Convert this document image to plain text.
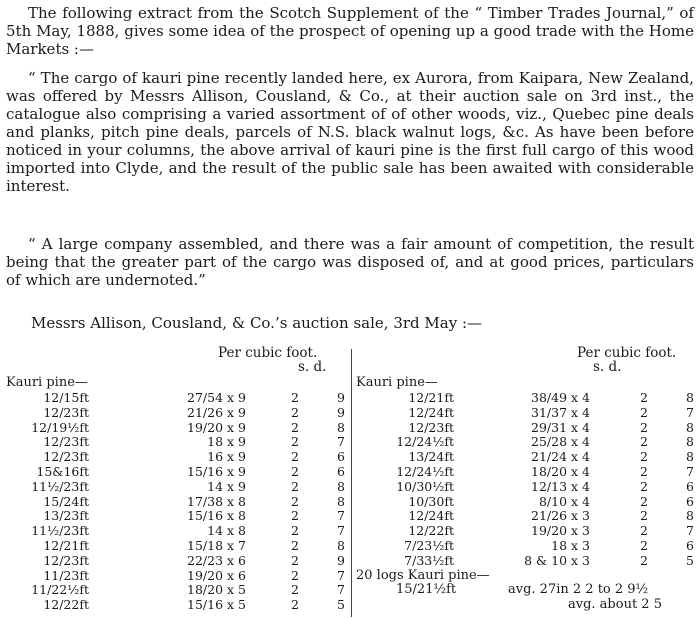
The following extract from the Scotch Supplement of the “ Timber Trades Journal,” of 5th May, 1888, gives some idea of the prospect of opening up a good trade with the Home Markets :—

“ The cargo of kauri pine recently landed here, ex Aurora, from Kaipara, New Zealand, was offered by Messrs Allison, Cousland, & Co., at their auction sale on 3rd inst., the catalogue also comprising a varied assortment of of other woods, viz., Quebec pine deals and planks, pitch pine deals, parcels of N.S. black walnut logs, &c. As have been before noticed in your columns, the above arrival of kauri pine is the first full cargo of this wood imported into Clyde, and the result of the public sale has been awaited with considerable interest.

“ A large company assembled, and there was a fair amount of competition, the result being that the greater part of the cargo was disposed of, and at good prices, particulars of which are undernoted.”

Messrs Allison, Cousland, & Co.’s auction sale, 3rd May :—

Per cubic foot.
s. d.
Kauri pine—
12/15ft	27/54 x 9	2	9
12/23ft	21/26 x 9	2	9
12/19½ft	19/20 x 9	2	8
12/23ft	18 x 9	2	7
12/23ft	16 x 9	2	6
15&16ft	15/16 x 9	2	6
11½/23ft	14 x 9	2	8
15/24ft	17/38 x 8	2	8
13/23ft	15/16 x 8	2	7
11½/23ft	14 x 8	2	7
12/21ft	15/18 x 7	2	8
12/23ft	22/23 x 6	2	9
11/23ft	19/20 x 6	2	7
11/22½ft	18/20 x 5	2	7
12/22ft	15/16 x 5	2	5
Per cubic foot.
s. d.
Kauri pine—
12/21ft	38/49 x 4	2	8
12/24ft	31/37 x 4	2	7
12/23ft	29/31 x 4	2	8
12/24½ft	25/28 x 4	2	8
13/24ft	21/24 x 4	2	8
12/24½ft	18/20 x 4	2	7
10/30½ft	12/13 x 4	2	6
10/30ft	8/10 x 4	2	6
12/24ft	21/26 x 3	2	8
12/22ft	19/20 x 3	2	7
7/23½ft	18 x 3	2	6
7/33½ft	8 & 10 x 3	2	5
20 logs Kauri pine—
15/21½ft	avg. 27in 2 2 to 2 9½
avg. about 2 5
